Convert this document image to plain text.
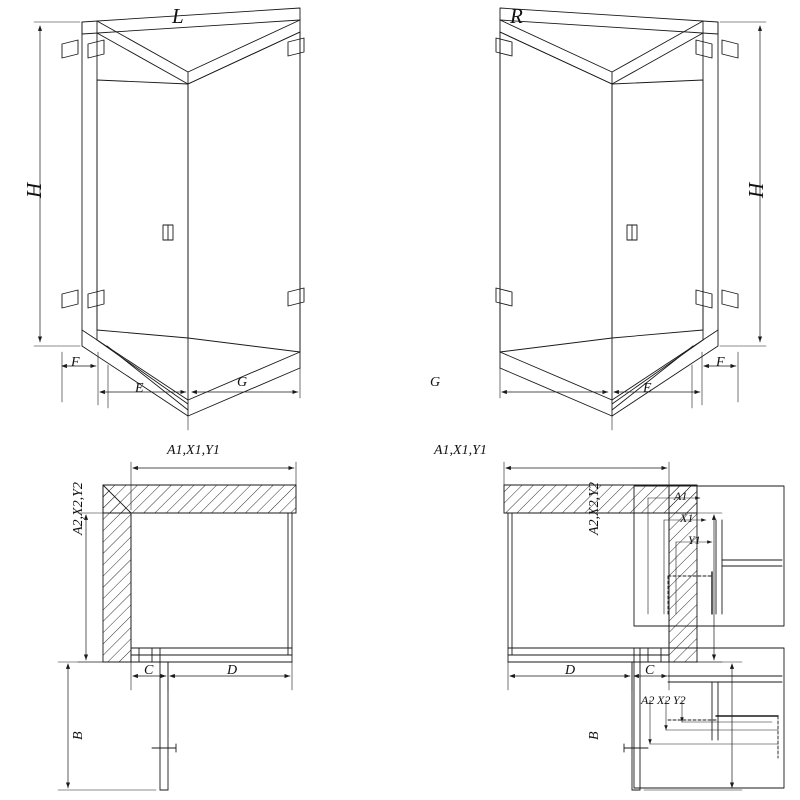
L	R
H	H
F
E	G
F
E
G
A1,X1,Y1	A1,X1,Y1
A2,X2,Y2	A2,X2,Y2
C	D	D	C
B	B
A1
X1
Y1
A2 X2 Y2
